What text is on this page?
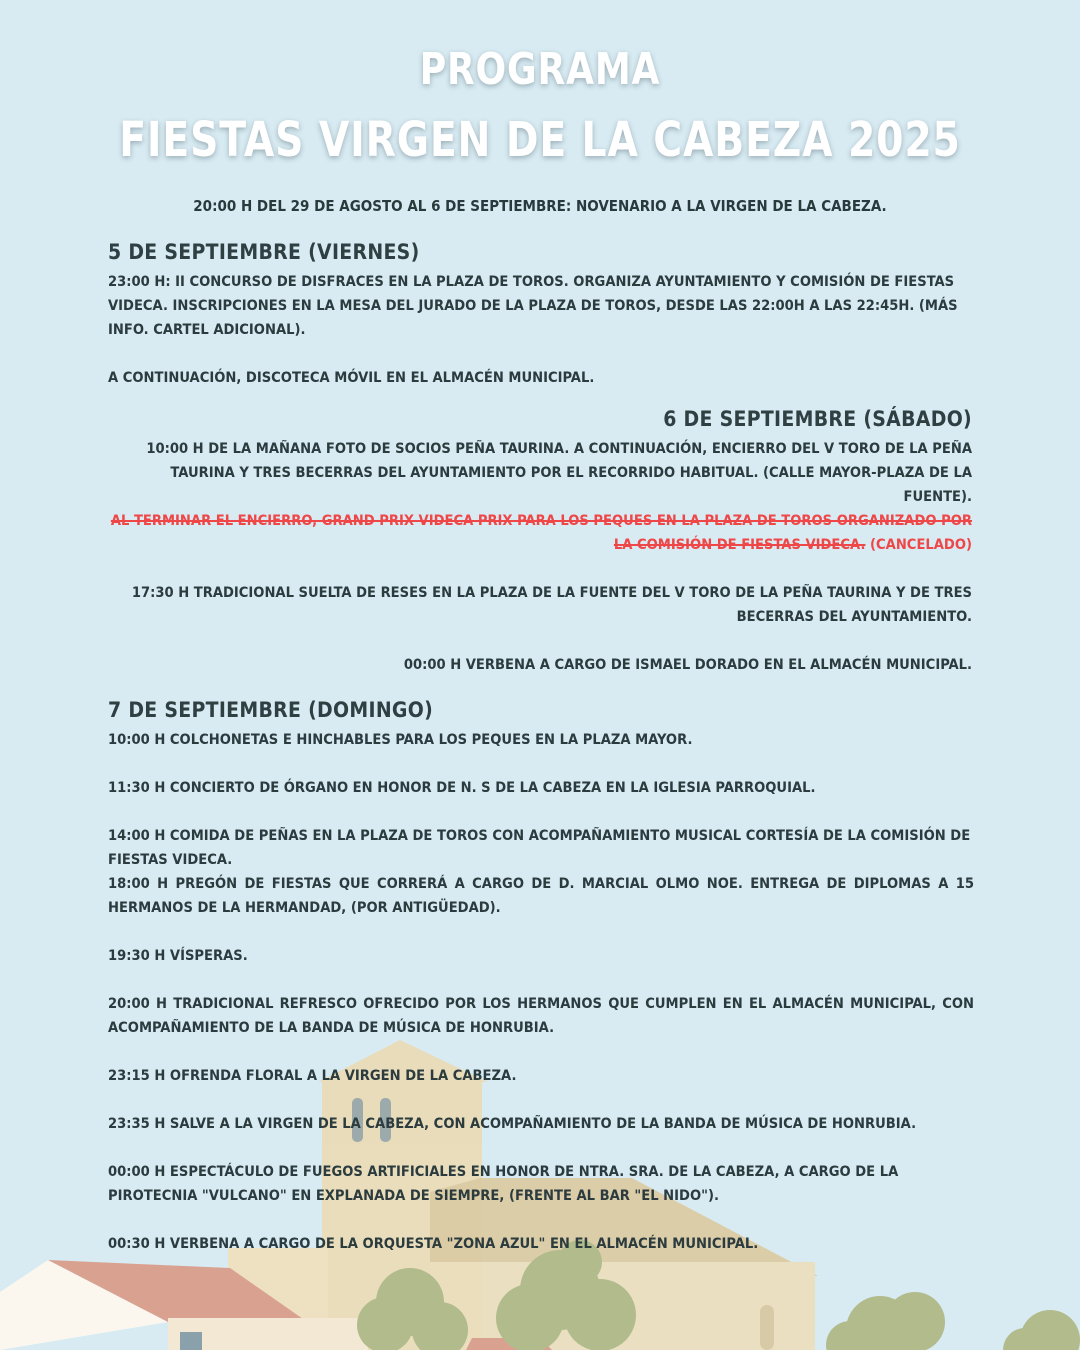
PROGRAMA
FIESTAS VIRGEN DE LA CABEZA 2025
20:00 H DEL 29 DE AGOSTO AL 6 DE SEPTIEMBRE: NOVENARIO A LA VIRGEN DE LA CABEZA.
5 DE SEPTIEMBRE (VIERNES)
23:00 H: II CONCURSO DE DISFRACES EN LA PLAZA DE TOROS. ORGANIZA AYUNTAMIENTO Y COMISIÓN DE FIESTAS VIDECA. INSCRIPCIONES EN LA MESA DEL JURADO DE LA PLAZA DE TOROS, DESDE LAS 22:00H A LAS 22:45H. (MÁS INFO. CARTEL ADICIONAL).
A CONTINUACIÓN, DISCOTECA MÓVIL EN EL ALMACÉN MUNICIPAL.
6 DE SEPTIEMBRE (SÁBADO)
10:00 H DE LA MAÑANA FOTO DE SOCIOS PEÑA TAURINA. A CONTINUACIÓN, ENCIERRO DEL V TORO DE LA PEÑA TAURINA Y TRES BECERRAS DEL AYUNTAMIENTO POR EL RECORRIDO HABITUAL. (CALLE MAYOR-PLAZA DE LA FUENTE).
AL TERMINAR EL ENCIERRO, GRAND PRIX VIDECA PRIX PARA LOS PEQUES EN LA PLAZA DE TOROS ORGANIZADO POR LA COMISIÓN DE FIESTAS VIDECA. (CANCELADO)
17:30 H TRADICIONAL SUELTA DE RESES EN LA PLAZA DE LA FUENTE DEL V TORO DE LA PEÑA TAURINA Y DE TRES BECERRAS DEL AYUNTAMIENTO.
00:00 H VERBENA A CARGO DE ISMAEL DORADO EN EL ALMACÉN MUNICIPAL.
7 DE SEPTIEMBRE (DOMINGO)
10:00 H COLCHONETAS E HINCHABLES PARA LOS PEQUES EN LA PLAZA MAYOR.
11:30 H CONCIERTO DE ÓRGANO EN HONOR DE N. S DE LA CABEZA EN LA IGLESIA PARROQUIAL.
14:00 H COMIDA DE PEÑAS EN LA PLAZA DE TOROS CON ACOMPAÑAMIENTO MUSICAL CORTESÍA DE LA COMISIÓN DE FIESTAS VIDECA.
18:00 H PREGÓN DE FIESTAS QUE CORRERÁ A CARGO DE D. MARCIAL OLMO NOE. ENTREGA DE DIPLOMAS A 15 HERMANOS DE LA HERMANDAD, (POR ANTIGÜEDAD).
19:30 H VÍSPERAS.
20:00 H TRADICIONAL REFRESCO OFRECIDO POR LOS HERMANOS QUE CUMPLEN EN EL ALMACÉN MUNICIPAL, CON ACOMPAÑAMIENTO DE LA BANDA DE MÚSICA DE HONRUBIA.
23:15 H OFRENDA FLORAL A LA VIRGEN DE LA CABEZA.
23:35 H SALVE A LA VIRGEN DE LA CABEZA, CON ACOMPAÑAMIENTO DE LA BANDA DE MÚSICA DE HONRUBIA.
00:00 H ESPECTÁCULO DE FUEGOS ARTIFICIALES EN HONOR DE NTRA. SRA. DE LA CABEZA, A CARGO DE LA PIROTECNIA "VULCANO" EN EXPLANADA DE SIEMPRE, (FRENTE AL BAR "EL NIDO").
00:30 H VERBENA A CARGO DE LA ORQUESTA "ZONA AZUL" EN EL ALMACÉN MUNICIPAL.
